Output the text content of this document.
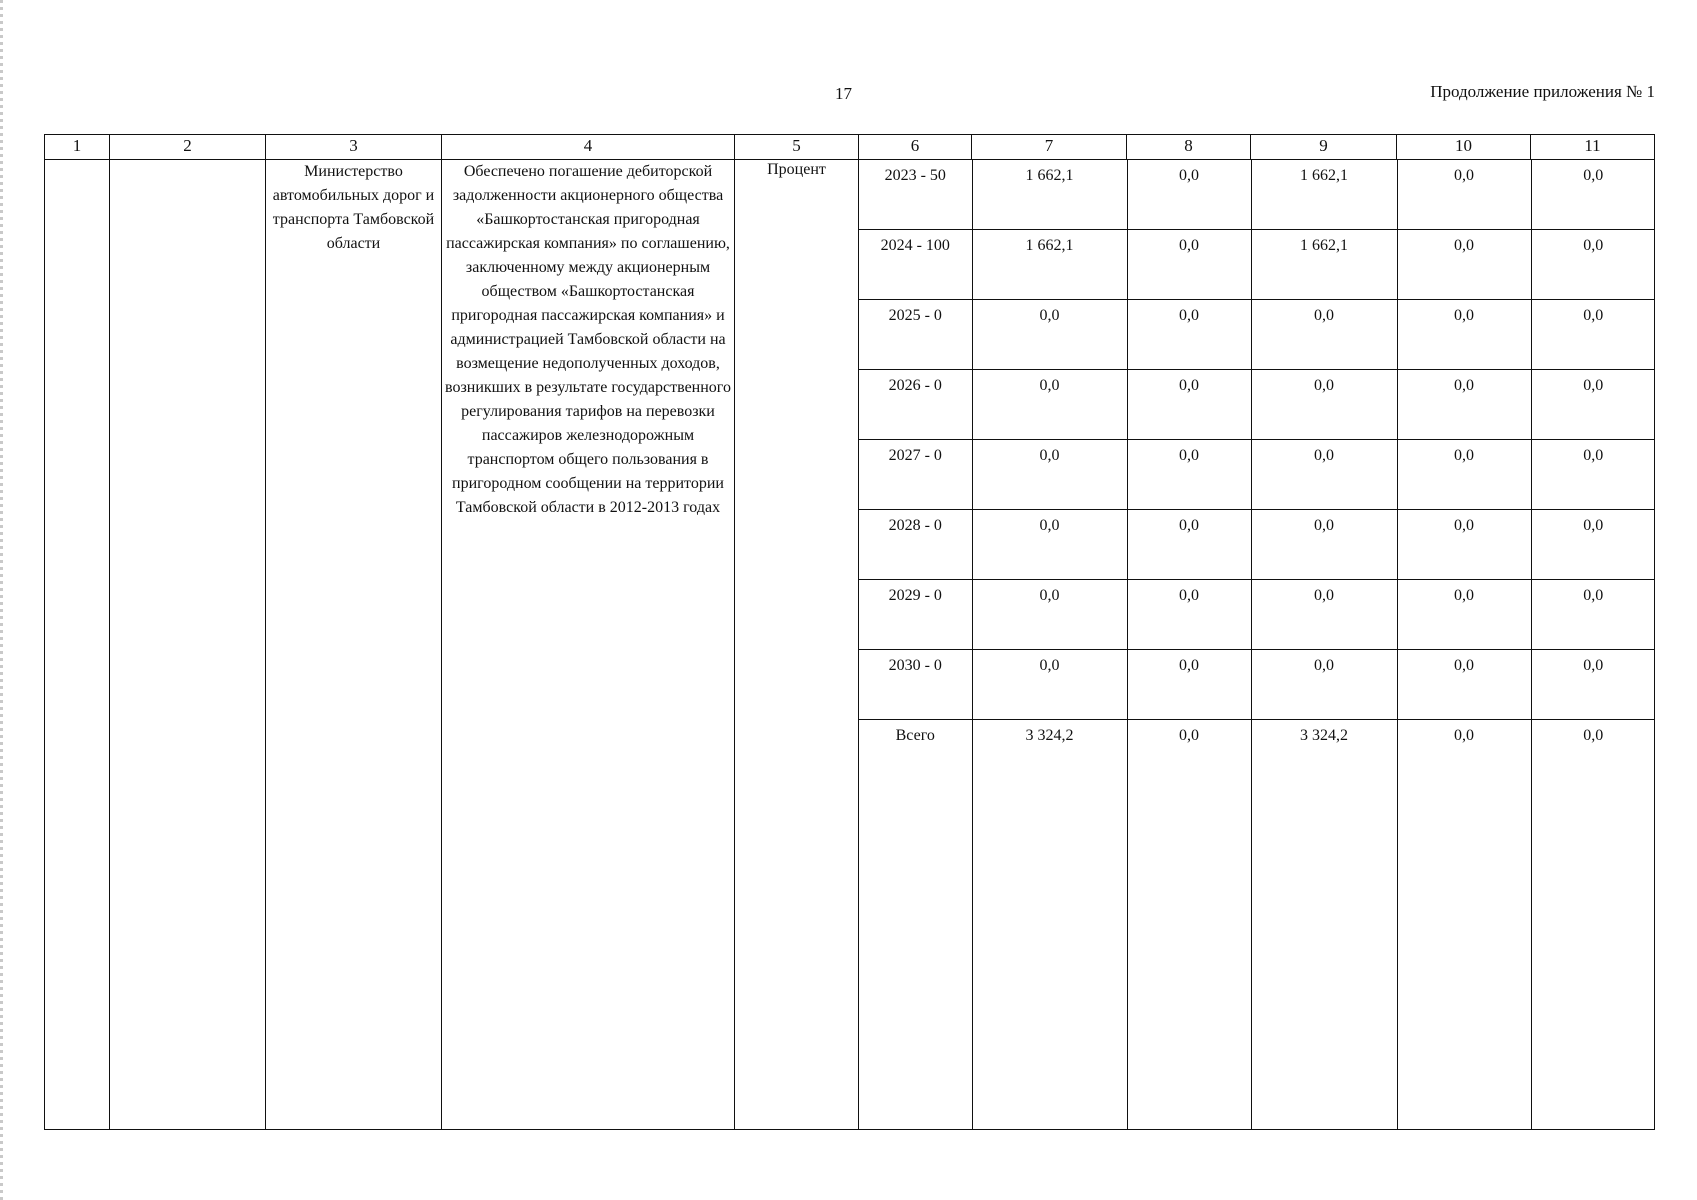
17	Продолжение приложения № 1
1	2	3	4	5	6	7	8	9	10	11
		Министерство автомобильных дорог и транспорта Тамбовской области	Обеспечено погашение дебиторской задолженности акционерного общества «Башкортостанская пригородная пассажирская компания» по соглашению, заключенному между акционерным обществом «Башкортостанская пригородная пассажирская компания» и администрацией Тамбовской области на возмещение недополученных доходов, возникших в результате государственного регулирования тарифов на перевозки пассажиров железнодорожным транспортом общего пользования в пригородном сообщении на территории Тамбовской области в 2012-2013 годах	Процент		2023 - 50	1 662,1	0,0	1 662,1	0,0	0,0
2024 - 100	1 662,1	0,0	1 662,1	0,0	0,0
2025 - 0	0,0	0,0	0,0	0,0	0,0
2026 - 0	0,0	0,0	0,0	0,0	0,0
2027 - 0	0,0	0,0	0,0	0,0	0,0
2028 - 0	0,0	0,0	0,0	0,0	0,0
2029 - 0	0,0	0,0	0,0	0,0	0,0
2030 - 0	0,0	0,0	0,0	0,0	0,0
Всего	3 324,2	0,0	3 324,2	0,0	0,0
